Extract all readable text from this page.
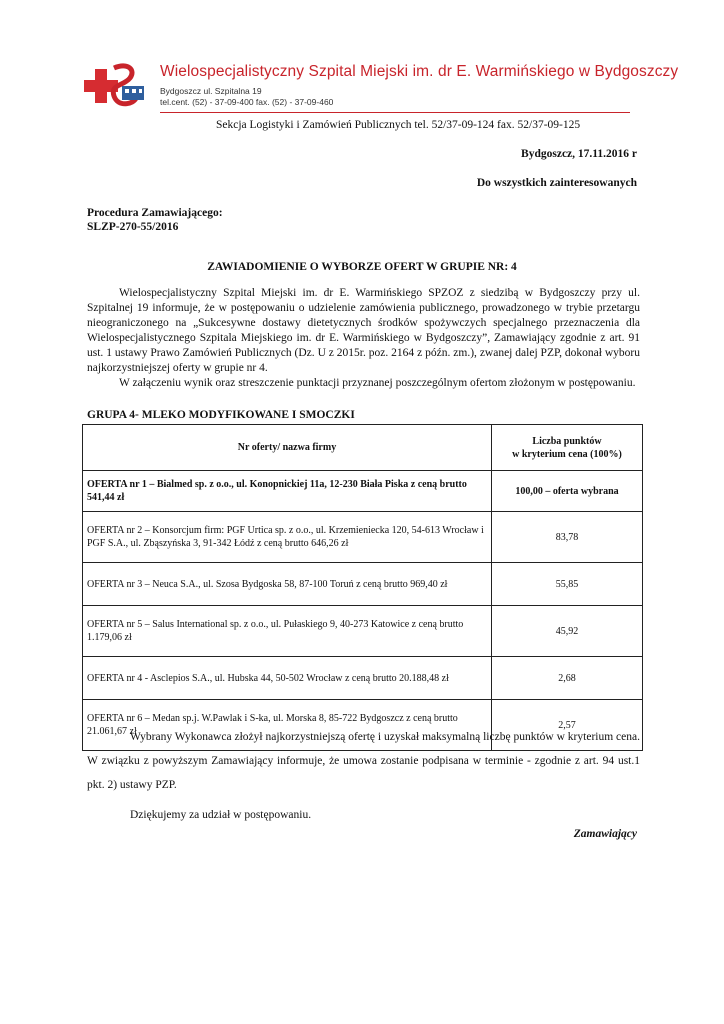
Wielospecjalistyczny Szpital Miejski im. dr E. Warmińskiego w Bydgoszczy
Bydgoszcz ul. Szpitalna 19
tel.cent. (52) - 37-09-400 fax. (52) - 37-09-460
Sekcja Logistyki i Zamówień Publicznych tel. 52/37-09-124 fax. 52/37-09-125
Bydgoszcz, 17.11.2016 r
Do wszystkich zainteresowanych
Procedura Zamawiającego:
SLZP-270-55/2016
ZAWIADOMIENIE O WYBORZE OFERT W GRUPIE NR: 4

Wielospecjalistyczny Szpital Miejski im. dr E. Warmińskiego SPZOZ z siedzibą w Bydgoszczy przy ul. Szpitalnej 19 informuje, że w postępowaniu o udzielenie zamówienia publicznego, prowadzonego w trybie przetargu nieograniczonego na „Sukcesywne dostawy dietetycznych środków spożywczych specjalnego przeznaczenia dla Wielospecjalistycznego Szpitala Miejskiego im. dr E. Warmińskiego w Bydgoszczy”, Zamawiający zgodnie z art. 91 ust. 1 ustawy Prawo Zamówień Publicznych (Dz. U z 2015r. poz. 2164 z późn. zm.), zwanej dalej PZP, dokonał wyboru najkorzystniejszej oferty w grupie nr 4.

W załączeniu wynik oraz streszczenie punktacji przyznanej poszczególnym ofertom złożonym w postępowaniu.

GRUPA 4- MLEKO MODYFIKOWANE I SMOCZKI
Nr oferty/ nazwa firmy	Liczba punktów
w kryterium cena (100%)

OFERTA nr 1 – Bialmed sp. z o.o., ul. Konopnickiej 11a, 12-230 Biała Piska z ceną brutto 541,44 zł	100,00 – oferta wybrana
OFERTA nr 2 – Konsorcjum firm: PGF Urtica sp. z o.o., ul. Krzemieniecka 120, 54-613 Wrocław i PGF S.A., ul. Zbąszyńska 3, 91-342 Łódź z ceną brutto 646,26 zł	83,78
OFERTA nr 3 – Neuca S.A., ul. Szosa Bydgoska 58, 87-100 Toruń z ceną brutto 969,40 zł	55,85
OFERTA nr 5 – Salus International sp. z o.o., ul. Pułaskiego 9, 40-273 Katowice z ceną brutto 1.179,06 zł	45,92
OFERTA nr 4 - Asclepios S.A., ul. Hubska 44, 50-502 Wrocław z ceną brutto 20.188,48 zł	2,68
OFERTA nr 6 – Medan sp.j. W.Pawlak i S-ka, ul. Morska 8, 85-722 Bydgoszcz z ceną brutto 21.061,67 zł	2,57

Wybrany Wykonawca złożył najkorzystniejszą ofertę i uzyskał maksymalną liczbę punktów w kryterium cena. W związku z powyższym Zamawiający informuje, że umowa zostanie podpisana w terminie - zgodnie z art. 94 ust.1 pkt. 2) ustawy PZP.

Dziękujemy za udział w postępowaniu.
Zamawiający
